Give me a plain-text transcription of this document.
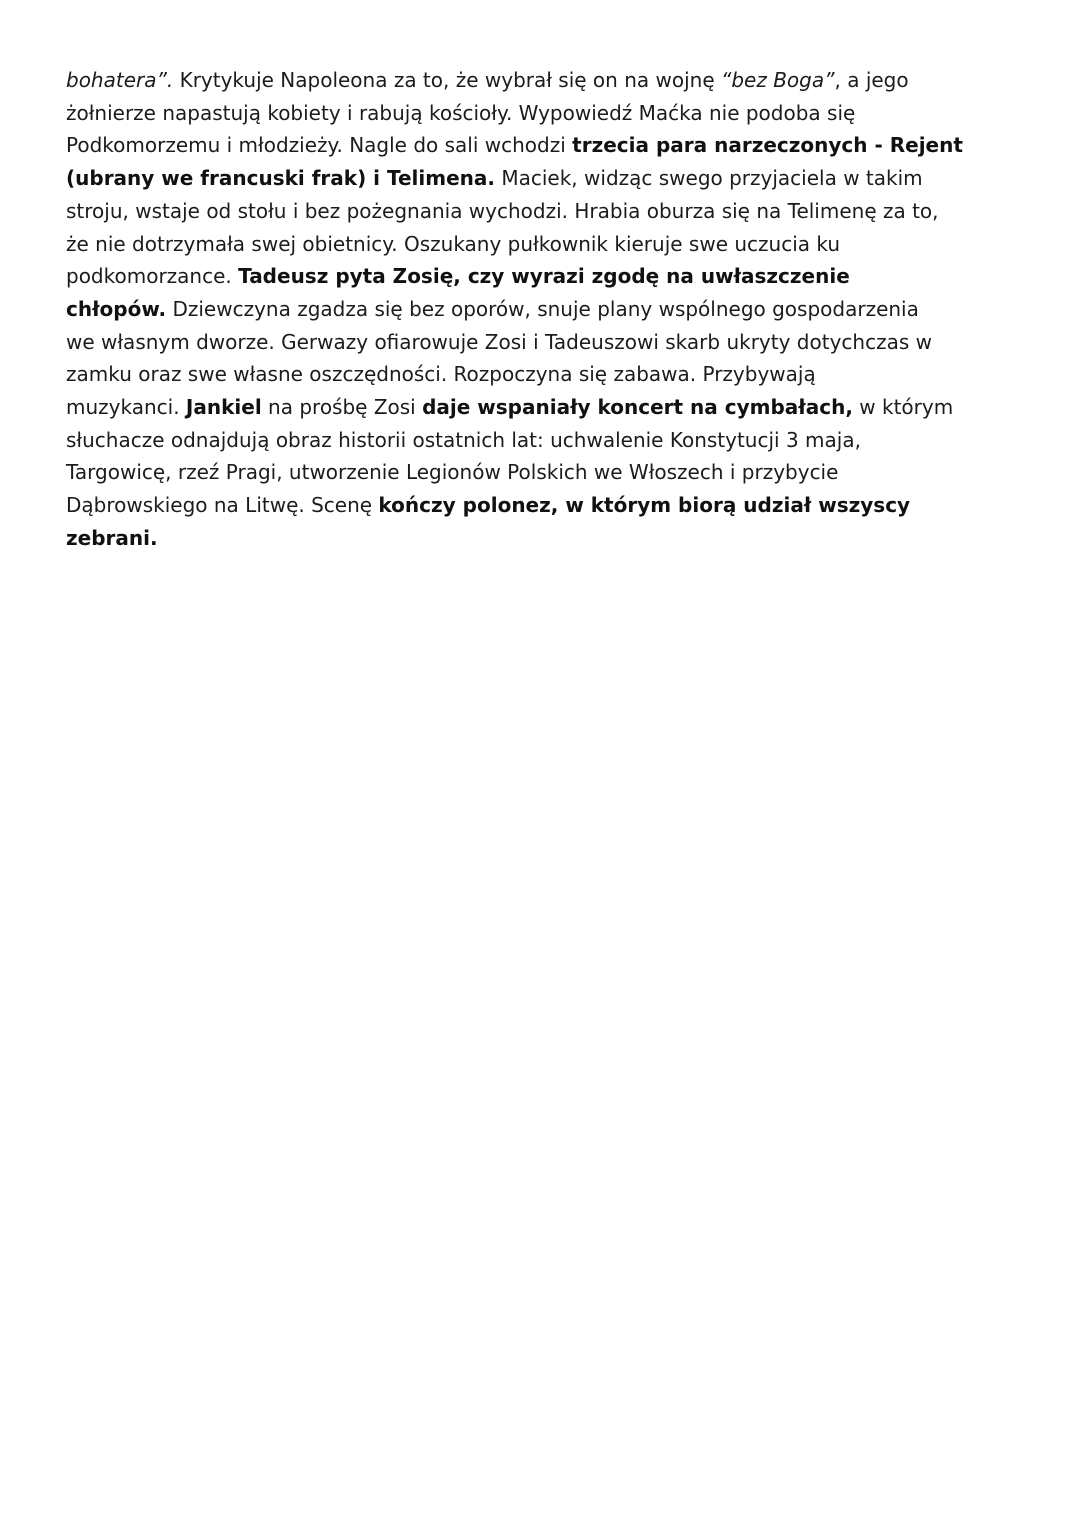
bohatera”. Krytykuje Napoleona za to, że wybrał się on na wojnę “bez Boga”, a jego
żołnierze napastują kobiety i rabują kościoły. Wypowiedź Maćka nie podoba się
Podkomorzemu i młodzieży. Nagle do sali wchodzi trzecia para narzeczonych - Rejent
(ubrany we francuski frak) i Telimena. Maciek, widząc swego przyjaciela w takim
stroju, wstaje od stołu i bez pożegnania wychodzi. Hrabia oburza się na Telimenę za to,
że nie dotrzymała swej obietnicy. Oszukany pułkownik kieruje swe uczucia ku
podkomorzance. Tadeusz pyta Zosię, czy wyrazi zgodę na uwłaszczenie
chłopów. Dziewczyna zgadza się bez oporów, snuje plany wspólnego gospodarzenia
we własnym dworze. Gerwazy ofiarowuje Zosi i Tadeuszowi skarb ukryty dotychczas w
zamku oraz swe własne oszczędności. Rozpoczyna się zabawa. Przybywają
muzykanci. Jankiel na prośbę Zosi daje wspaniały koncert na cymbałach, w którym
słuchacze odnajdują obraz historii ostatnich lat: uchwalenie Konstytucji 3 maja,
Targowicę, rzeź Pragi, utworzenie Legionów Polskich we Włoszech i przybycie
Dąbrowskiego na Litwę. Scenę kończy polonez, w którym biorą udział wszyscy
zebrani.
